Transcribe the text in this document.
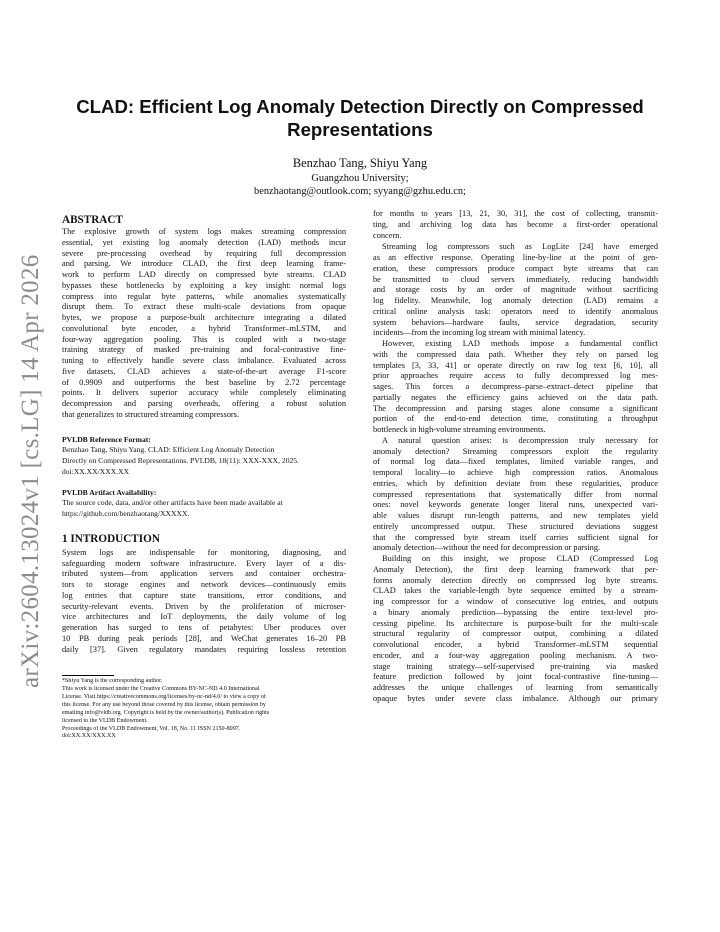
arXiv:2604.13024v1 [cs.LG] 14 Apr 2026
CLAD: Efficient Log Anomaly Detection Directly on Compressed
Representations
Benzhao Tang, Shiyu Yang
Guangzhou University;
benzhaotang@outlook.com; syyang@gzhu.edu.cn;
ABSTRACT
The explosive growth of system logs makes streaming compression
essential, yet existing log anomaly detection (LAD) methods incur
severe pre-processing overhead by requiring full decompression
and parsing. We introduce CLAD, the first deep learning frame-
work to perform LAD directly on compressed byte streams. CLAD
bypasses these bottlenecks by exploiting a key insight: normal logs
compress into regular byte patterns, while anomalies systematically
disrupt them. To extract these multi-scale deviations from opaque
bytes, we propose a purpose-built architecture integrating a dilated
convolutional byte encoder, a hybrid Transformer–mLSTM, and
four-way aggregation pooling. This is coupled with a two-stage
training strategy of masked pre-training and focal-contrastive fine-
tuning to effectively handle severe class imbalance. Evaluated across
five datasets, CLAD achieves a state-of-the-art average F1-score
of 0.9909 and outperforms the best baseline by 2.72 percentage
points. It delivers superior accuracy while completely eliminating
decompression and parsing overheads, offering a robust solution
that generalizes to structured streaming compressors.
PVLDB Reference Format:
Benzhao Tang, Shiyu Yang. CLAD: Efficient Log Anomaly Detection
Directly on Compressed Representations. PVLDB, 18(11): XXX-XXX, 2025.
doi:XX.XX/XXX.XX
PVLDB Artifact Availability:
The source code, data, and/or other artifacts have been made available at
https://github.com/benzhaotang/XXXXX.
1 INTRODUCTION
System logs are indispensable for monitoring, diagnosing, and
safeguarding modern software infrastructure. Every layer of a dis-
tributed system—from application servers and container orchestra-
tors to storage engines and network devices—continuously emits
log entries that capture state transitions, error conditions, and
security-relevant events. Driven by the proliferation of microser-
vice architectures and IoT deployments, the daily volume of log
generation has surged to tens of petabytes: Uber produces over
10 PB during peak periods [28], and WeChat generates 16–20 PB
daily [37]. Given regulatory mandates requiring lossless retention
*Shiyu Yang is the corresponding author.
This work is licensed under the Creative Commons BY-NC-ND 4.0 International
License. Visit https://creativecommons.org/licenses/by-nc-nd/4.0/ to view a copy of
this license. For any use beyond those covered by this license, obtain permission by
emailing info@vldb.org. Copyright is held by the owner/author(s). Publication rights
licensed to the VLDB Endowment.
Proceedings of the VLDB Endowment, Vol. 18, No. 11 ISSN 2150-8097.
doi:XX.XX/XXX.XX
for months to years [13, 21, 30, 31], the cost of collecting, transmit-
ting, and archiving log data has become a first-order operational
concern.
Streaming log compressors such as LogLite [24] have emerged
as an effective response. Operating line-by-line at the point of gen-
eration, these compressors produce compact byte streams that can
be transmitted to cloud servers immediately, reducing bandwidth
and storage costs by an order of magnitude without sacrificing
log fidelity. Meanwhile, log anomaly detection (LAD) remains a
critical online analysis task: operators need to identify anomalous
system behaviors—hardware faults, service degradation, security
incidents—from the incoming log stream with minimal latency.
However, existing LAD methods impose a fundamental conflict
with the compressed data path. Whether they rely on parsed log
templates [3, 33, 41] or operate directly on raw log text [6, 10], all
prior approaches require access to fully decompressed log mes-
sages. This forces a decompress–parse–extract–detect pipeline that
partially negates the efficiency gains achieved on the data path.
The decompression and parsing stages alone consume a significant
portion of the end-to-end detection time, constituting a throughput
bottleneck in high-volume streaming environments.
A natural question arises: is decompression truly necessary for
anomaly detection? Streaming compressors exploit the regularity
of normal log data—fixed templates, limited variable ranges, and
temporal locality—to achieve high compression ratios. Anomalous
entries, which by definition deviate from these regularities, produce
compressed representations that systematically differ from normal
ones: novel keywords generate longer literal runs, unexpected vari-
able values disrupt run-length patterns, and new templates yield
entirely uncompressed output. These structured deviations suggest
that the compressed byte stream itself carries sufficient signal for
anomaly detection—without the need for decompression or parsing.
Building on this insight, we propose CLAD (Compressed Log
Anomaly Detection), the first deep learning framework that per-
forms anomaly detection directly on compressed log byte streams.
CLAD takes the variable-length byte sequence emitted by a stream-
ing compressor for a window of consecutive log entries, and outputs
a binary anomaly prediction—bypassing the entire text-level pro-
cessing pipeline. Its architecture is purpose-built for the multi-scale
structural regularity of compressor output, combining a dilated
convolutional encoder, a hybrid Transformer–mLSTM sequential
encoder, and a four-way aggregation pooling mechanism. A two-
stage training strategy—self-supervised pre-training via masked
feature prediction followed by joint focal-contrastive fine-tuning—
addresses the unique challenges of learning from semantically
opaque bytes under severe class imbalance. Although our primary
